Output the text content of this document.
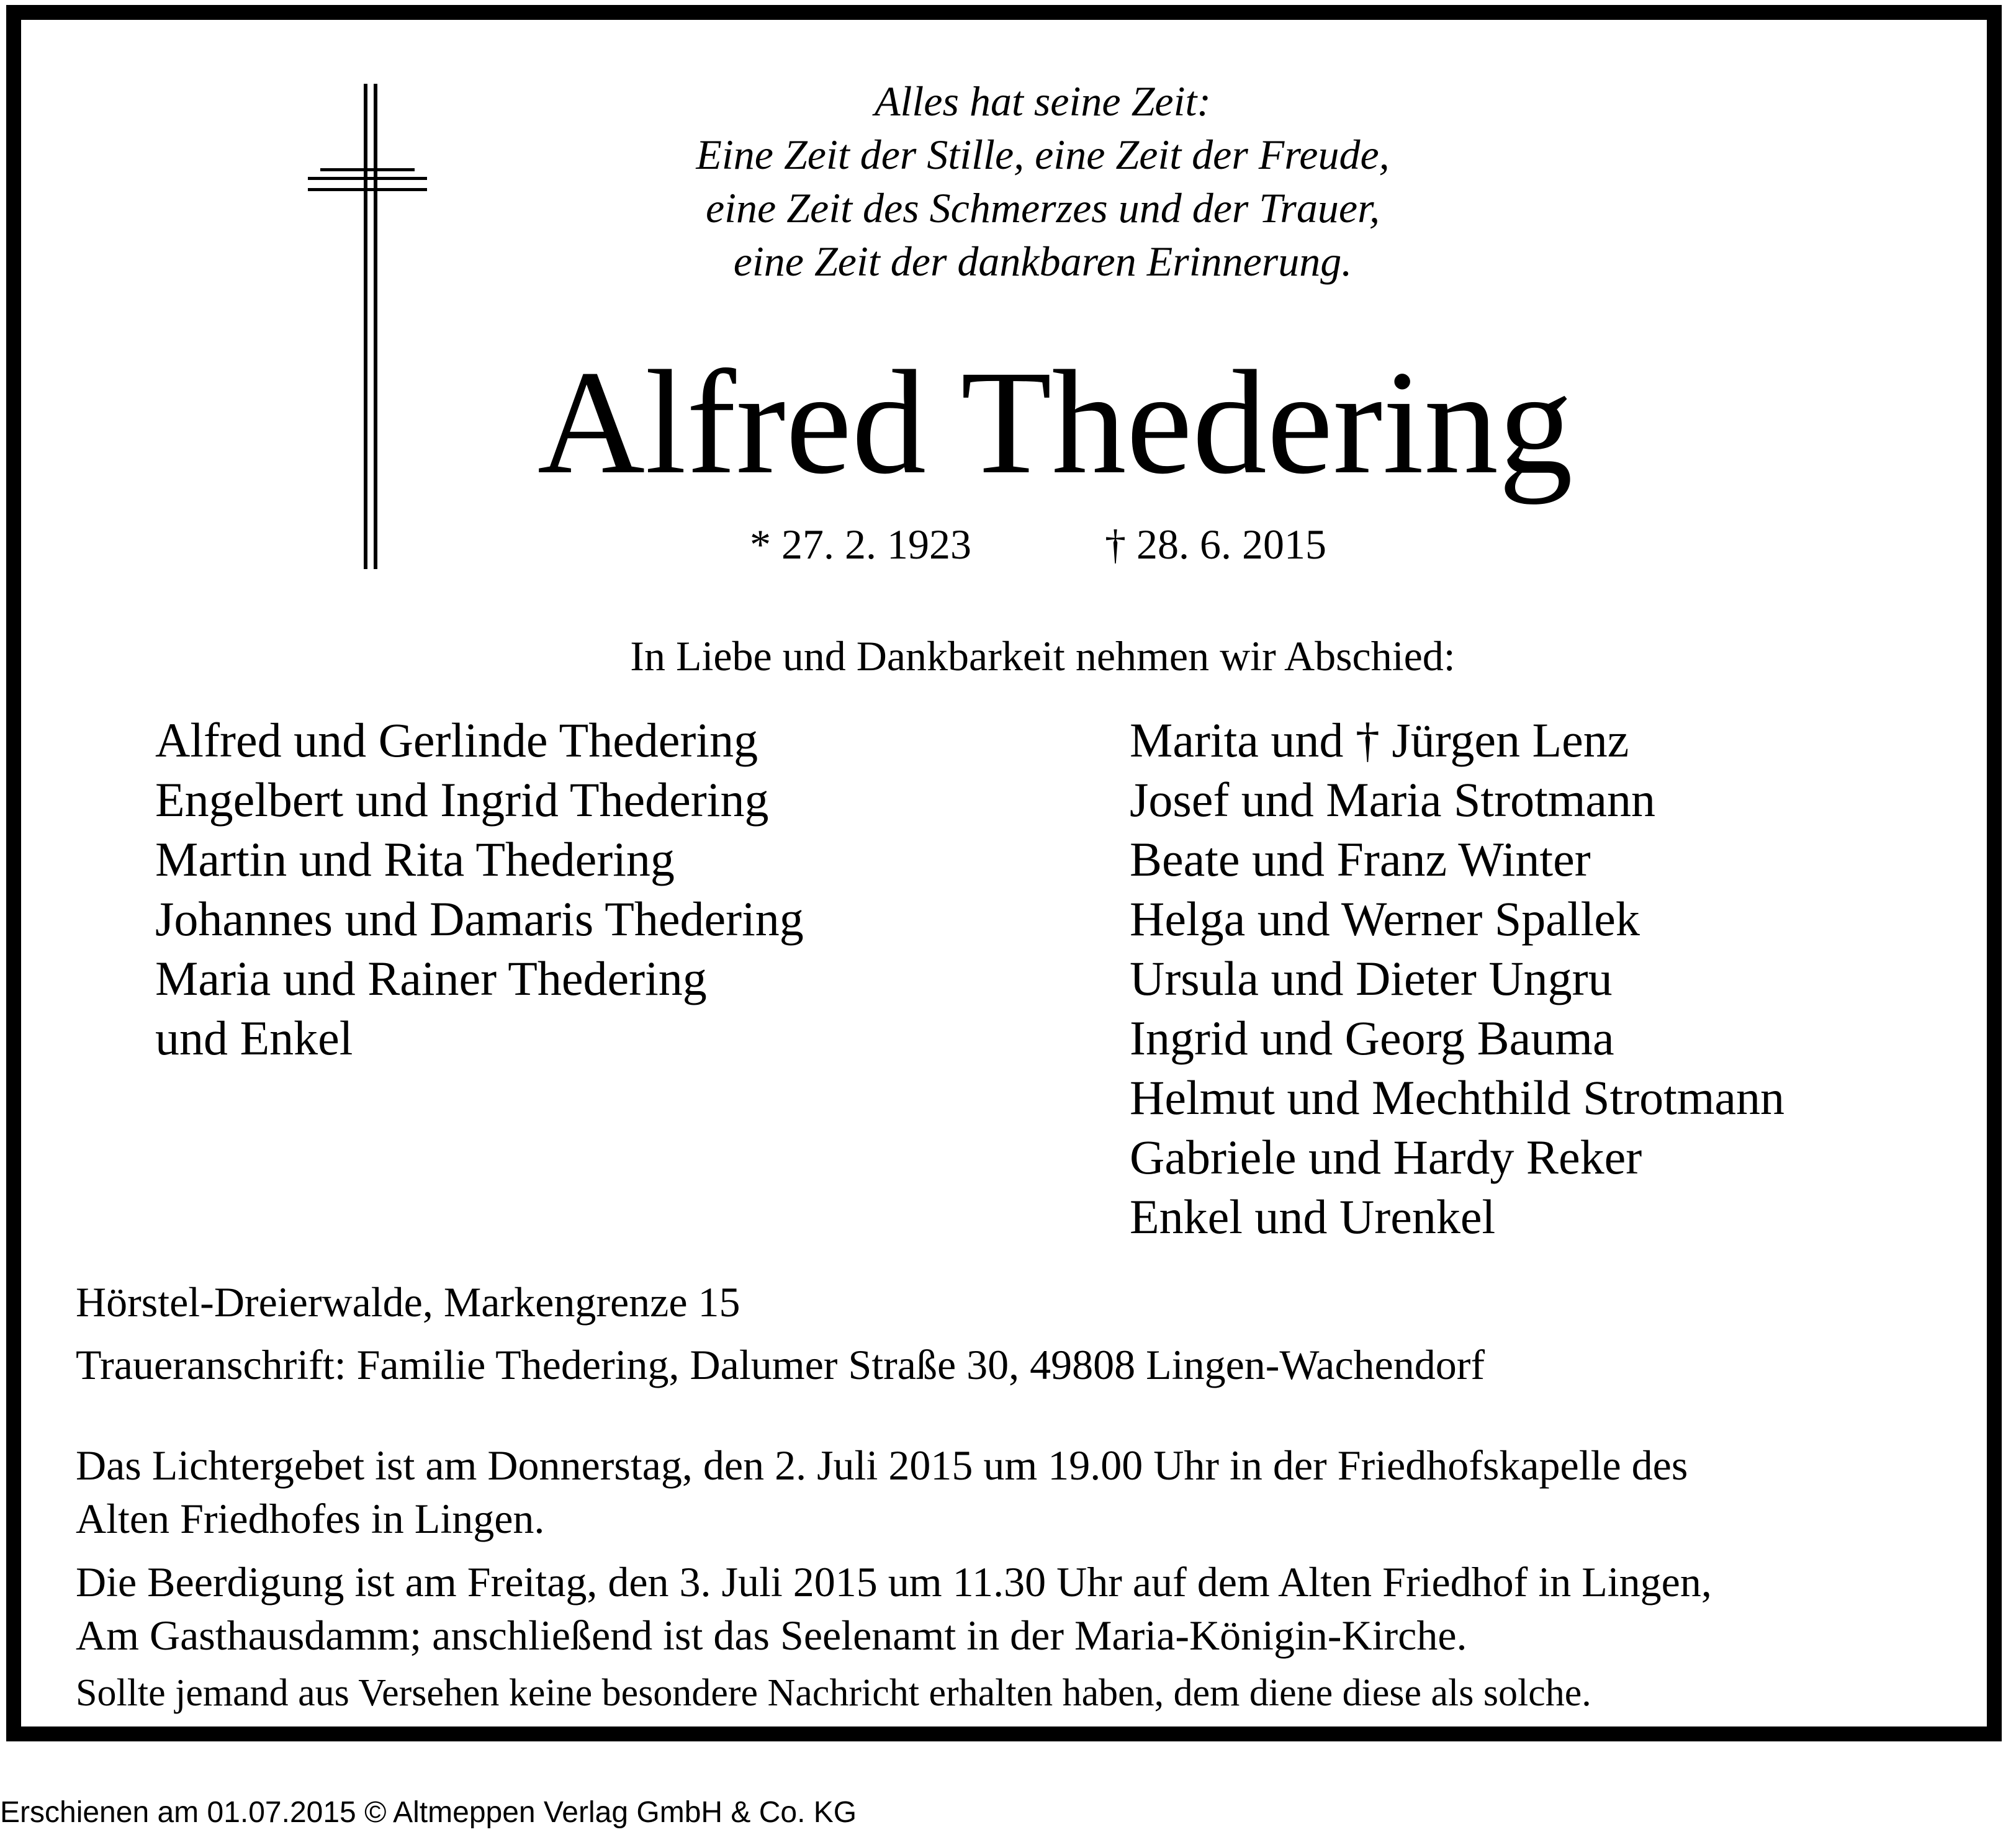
Alles hat seine Zeit:
Eine Zeit der Stille, eine Zeit der Freude,
eine Zeit des Schmerzes und der Trauer,
eine Zeit der dankbaren Erinnerung.
Alfred Thedering
* 27. 2. 1923	† 28. 6. 2015
In Liebe und Dankbarkeit nehmen wir Abschied:
Alfred und Gerlinde Thedering
Engelbert und Ingrid Thedering
Martin und Rita Thedering
Johannes und Damaris Thedering
Maria und Rainer Thedering
und Enkel
Marita und † Jürgen Lenz
Josef und Maria Strotmann
Beate und Franz Winter
Helga und Werner Spallek
Ursula und Dieter Ungru
Ingrid und Georg Bauma
Helmut und Mechthild Strotmann
Gabriele und Hardy Reker
Enkel und Urenkel
Hörstel-Dreierwalde, Markengrenze 15
Traueranschrift: Familie Thedering, Dalumer Straße 30, 49808 Lingen-Wachendorf
Das Lichtergebet ist am Donnerstag, den 2. Juli 2015 um 19.00 Uhr in der Friedhofskapelle des
Alten Friedhofes in Lingen.
Die Beerdigung ist am Freitag, den 3. Juli 2015 um 11.30 Uhr auf dem Alten Friedhof in Lingen,
Am Gasthausdamm; anschließend ist das Seelenamt in der Maria-Königin-Kirche.
Sollte jemand aus Versehen keine besondere Nachricht erhalten haben, dem diene diese als solche.
Erschienen am 01.07.2015 © Altmeppen Verlag GmbH & Co. KG
